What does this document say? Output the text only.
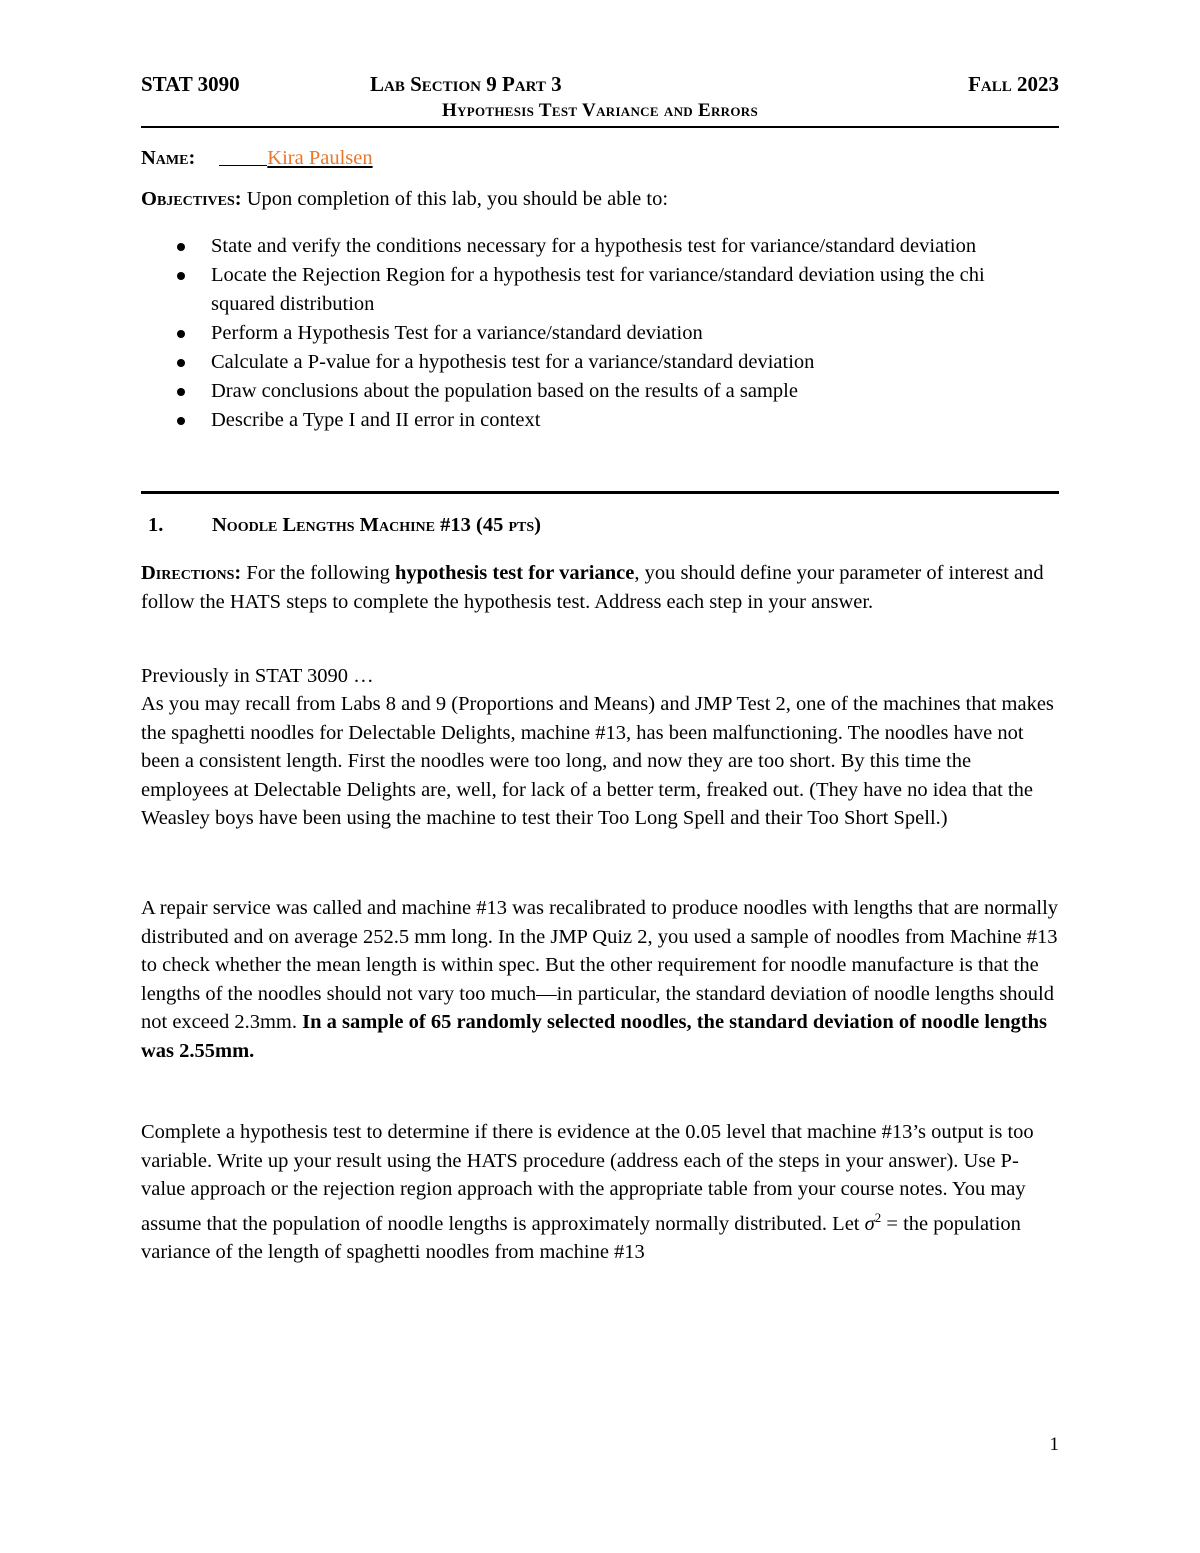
STAT 3090	Lab Section 9 Part 3	Fall 2023
Hypothesis Test Variance and Errors
Name:	Kira Paulsen
Objectives: Upon completion of this lab, you should be able to:
State and verify the conditions necessary for a hypothesis test for variance/standard deviation
Locate the Rejection Region for a hypothesis test for variance/standard deviation using the chi squared distribution
Perform a Hypothesis Test for a variance/standard deviation
Calculate a P-value for a hypothesis test for a variance/standard deviation
Draw conclusions about the population based on the results of a sample
Describe a Type I and II error in context
1. Noodle Lengths Machine #13 (45 pts)
Directions: For the following hypothesis test for variance, you should define your parameter of interest and follow the HATS steps to complete the hypothesis test. Address each step in your answer.
Previously in STAT 3090 …
As you may recall from Labs 8 and 9 (Proportions and Means) and JMP Test 2, one of the machines that makes the spaghetti noodles for Delectable Delights, machine #13, has been malfunctioning. The noodles have not been a consistent length. First the noodles were too long, and now they are too short. By this time the employees at Delectable Delights are, well, for lack of a better term, freaked out. (They have no idea that the Weasley boys have been using the machine to test their Too Long Spell and their Too Short Spell.)
A repair service was called and machine #13 was recalibrated to produce noodles with lengths that are normally distributed and on average 252.5 mm long. In the JMP Quiz 2, you used a sample of noodles from Machine #13 to check whether the mean length is within spec. But the other requirement for noodle manufacture is that the lengths of the noodles should not vary too much—in particular, the standard deviation of noodle lengths should not exceed 2.3mm. In a sample of 65 randomly selected noodles, the standard deviation of noodle lengths was 2.55mm.
Complete a hypothesis test to determine if there is evidence at the 0.05 level that machine #13’s output is too variable. Write up your result using the HATS procedure (address each of the steps in your answer). Use P-value approach or the rejection region approach with the appropriate table from your course notes. You may assume that the population of noodle lengths is approximately normally distributed. Let $\sigma^2$ = the population variance of the length of spaghetti noodles from machine #13
1
